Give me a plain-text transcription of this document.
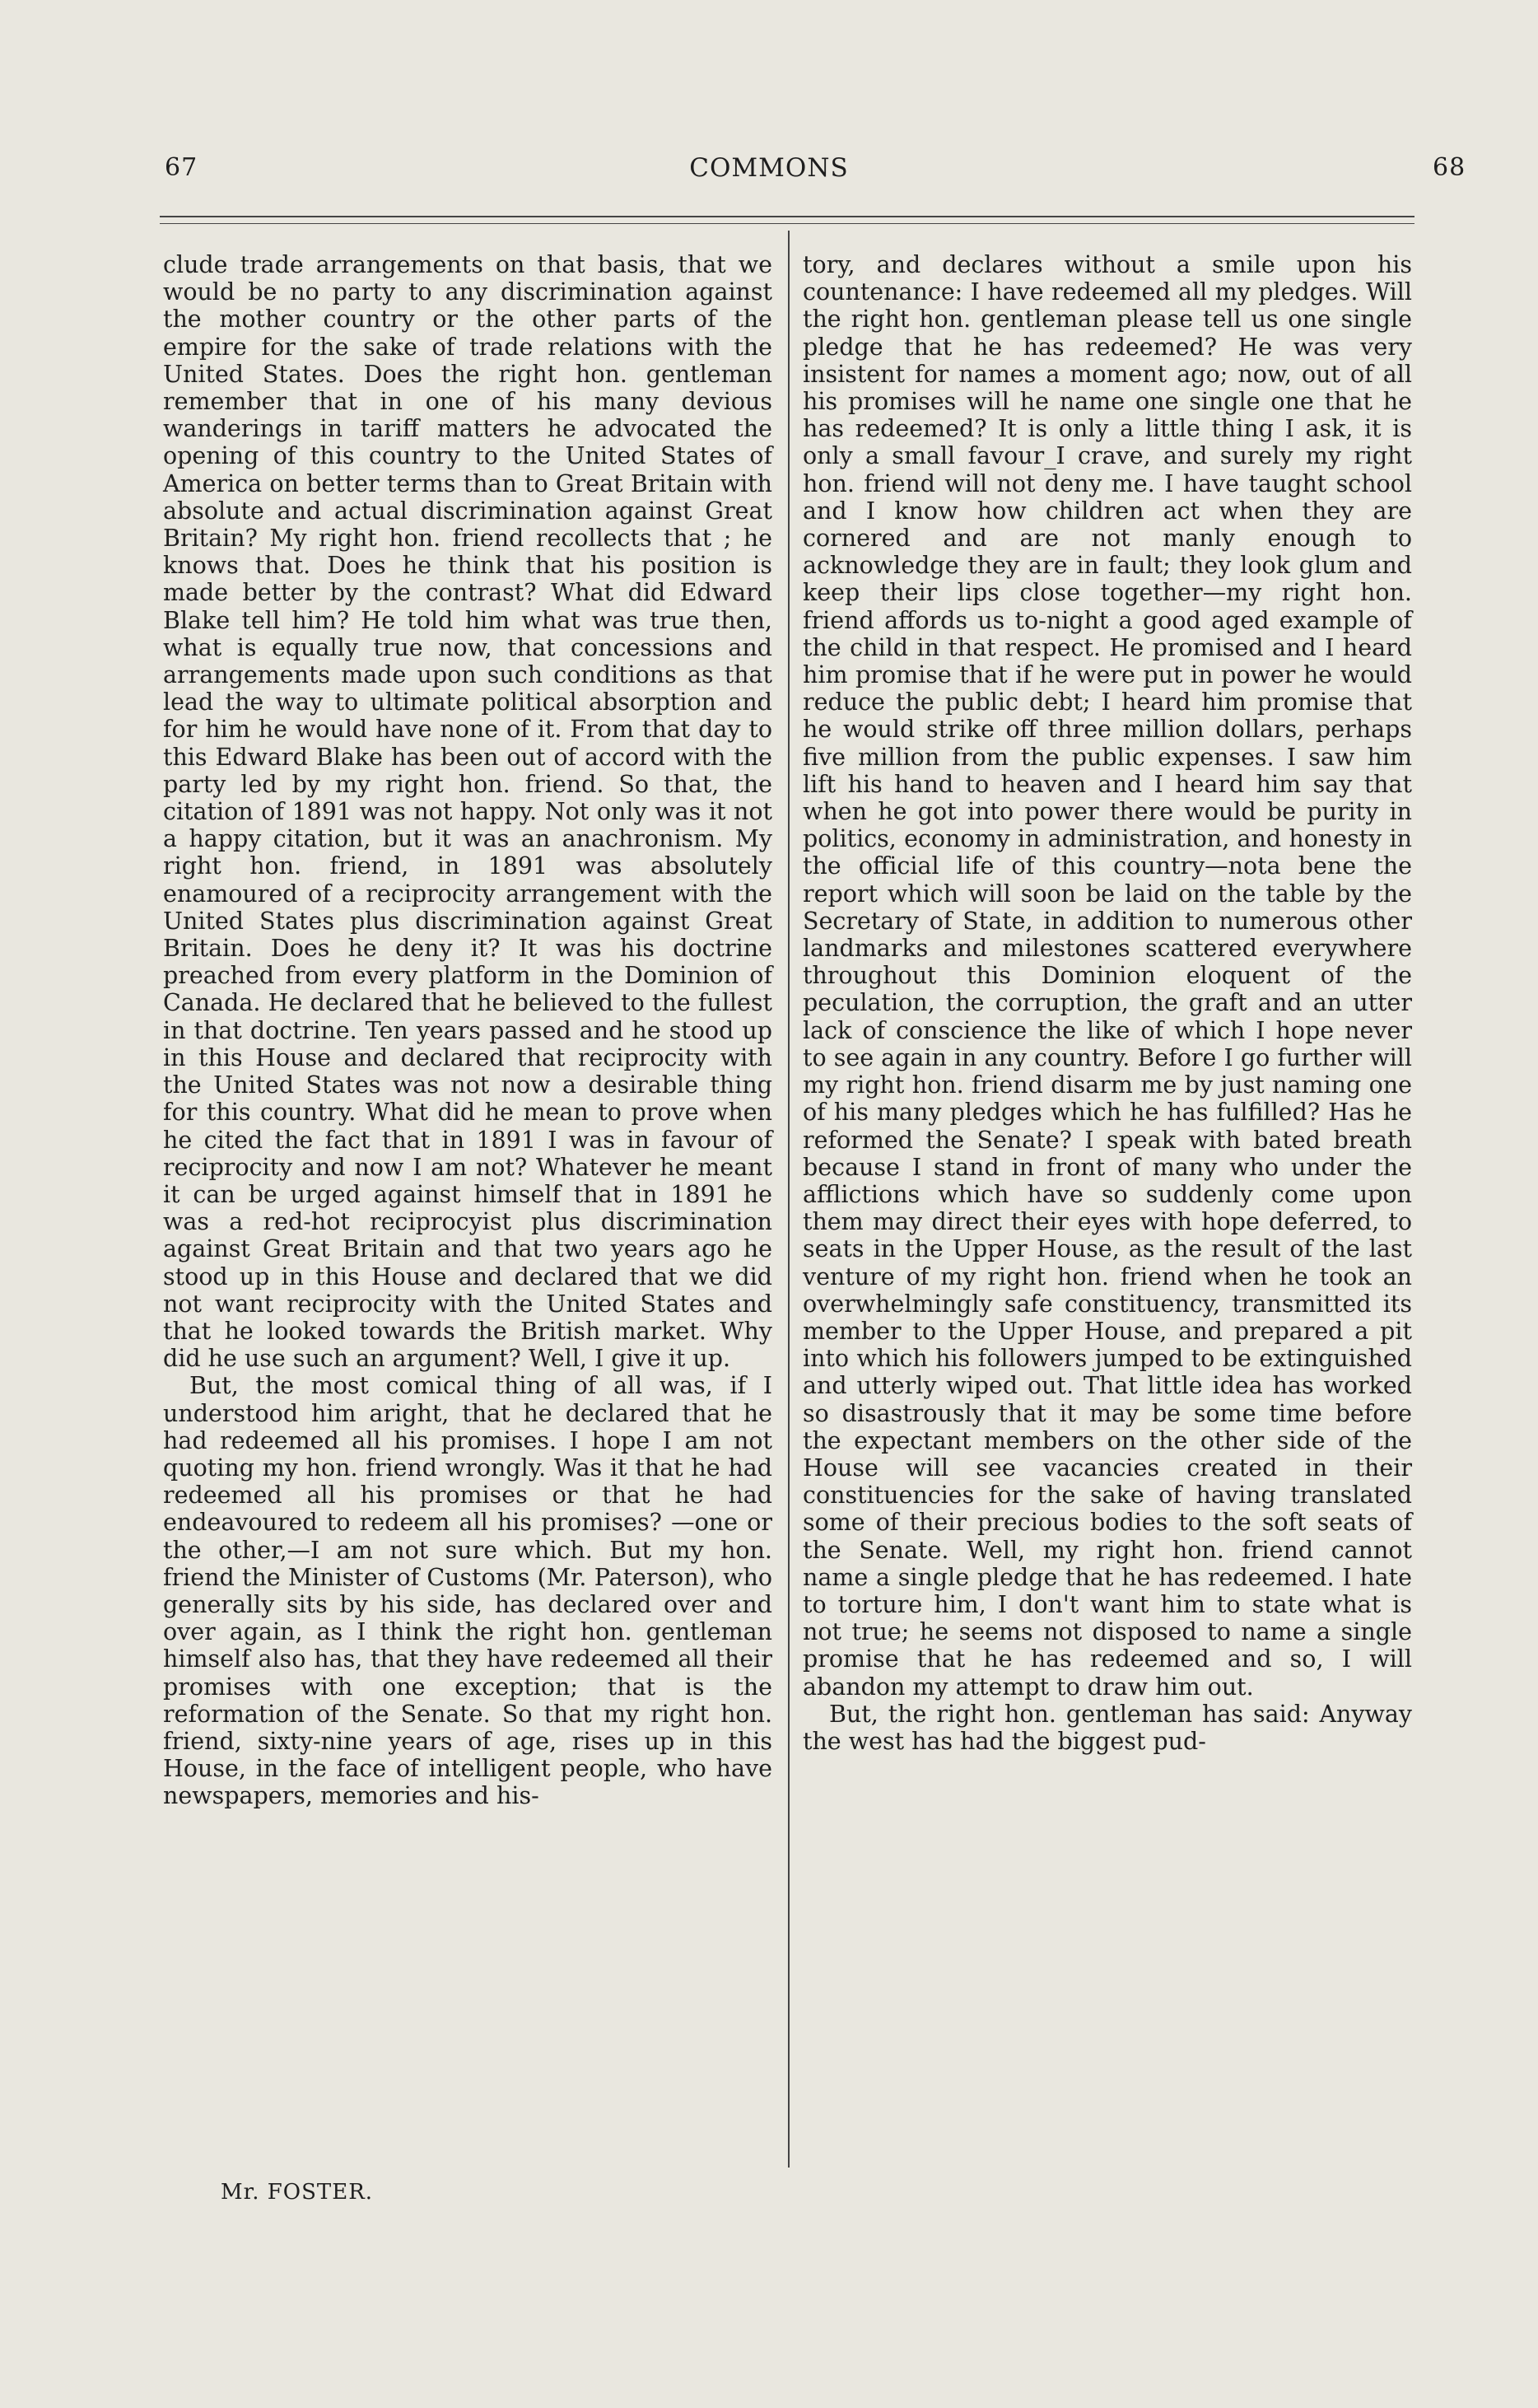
67	COMMONS	68

clude trade arrangements on that basis, that we would be no party to any discrimination against the mother country or the other parts of the empire for the sake of trade relations with the United States. Does the right hon. gentleman remember that in one of his many devious wanderings in tariff matters he advocated the opening of this country to the United States of America on better terms than to Great Britain with absolute and actual discrimination against Great Britain? My right hon. friend recollects that ; he knows that. Does he think that his position is made better by the contrast? What did Edward Blake tell him? He told him what was true then, what is equally true now, that concessions and arrangements made upon such conditions as that lead the way to ultimate political absorption and for him he would have none of it. From that day to this Edward Blake has been out of accord with the party led by my right hon. friend. So that, the citation of 1891 was not happy. Not only was it not a happy citation, but it was an anachronism. My right hon. friend, in 1891 was absolutely enamoured of a reciprocity arrangement with the United States plus discrimination against Great Britain. Does he deny it? It was his doctrine preached from every platform in the Dominion of Canada. He declared that he believed to the fullest in that doctrine. Ten years passed and he stood up in this House and declared that reciprocity with the United States was not now a desirable thing for this country. What did he mean to prove when he cited the fact that in 1891 I was in favour of reciprocity and now I am not? Whatever he meant it can be urged against himself that in 1891 he was a red-hot reciprocyist plus discrimination against Great Britain and that two years ago he stood up in this House and declared that we did not want reciprocity with the United States and that he looked towards the British market. Why did he use such an argument? Well, I give it up.

But, the most comical thing of all was, if I understood him aright, that he declared that he had redeemed all his promises. I hope I am not quoting my hon. friend wrongly. Was it that he had redeemed all his promises or that he had endeavoured to redeem all his promises? —one or the other,—I am not sure which. But my hon. friend the Minister of Customs (Mr. Paterson), who generally sits by his side, has declared over and over again, as I think the right hon. gentleman himself also has, that they have redeemed all their promises with one exception; that is the reformation of the Senate. So that my right hon. friend, sixty-nine years of age, rises up in this House, in the face of intelligent people, who have newspapers, memories and his-

tory, and declares without a smile upon his countenance: I have redeemed all my pledges. Will the right hon. gentleman please tell us one single pledge that he has redeemed? He was very insistent for names a moment ago; now, out of all his promises will he name one single one that he has redeemed? It is only a little thing I ask, it is only a small favour_I crave, and surely my right hon. friend will not deny me. I have taught school and I know how children act when they are cornered and are not manly enough to acknowledge they are in fault; they look glum and keep their lips close together—my right hon. friend affords us to-night a good aged example of the child in that respect. He promised and I heard him promise that if he were put in power he would reduce the public debt; I heard him promise that he would strike off three million dollars, perhaps five million from the public expenses. I saw him lift his hand to heaven and I heard him say that when he got into power there would be purity in politics, economy in administration, and honesty in the official life of this country—nota bene the report which will soon be laid on the table by the Secretary of State, in addition to numerous other landmarks and milestones scattered everywhere throughout this Dominion eloquent of the peculation, the corruption, the graft and an utter lack of conscience the like of which I hope never to see again in any country. Before I go further will my right hon. friend disarm me by just naming one of his many pledges which he has fulfilled? Has he reformed the Senate? I speak with bated breath because I stand in front of many who under the afflictions which have so suddenly come upon them may direct their eyes with hope deferred, to seats in the Upper House, as the result of the last venture of my right hon. friend when he took an overwhelmingly safe constituency, transmitted its member to the Upper House, and prepared a pit into which his followers jumped to be extinguished and utterly wiped out. That little idea has worked so disastrously that it may be some time before the expectant members on the other side of the House will see vacancies created in their constituencies for the sake of having translated some of their precious bodies to the soft seats of the Senate. Well, my right hon. friend cannot name a single pledge that he has redeemed. I hate to torture him, I don't want him to state what is not true; he seems not disposed to name a single promise that he has redeemed and so, I will abandon my attempt to draw him out.

But, the right hon. gentleman has said: Anyway the west has had the biggest pud-

Mr. FOSTER.
